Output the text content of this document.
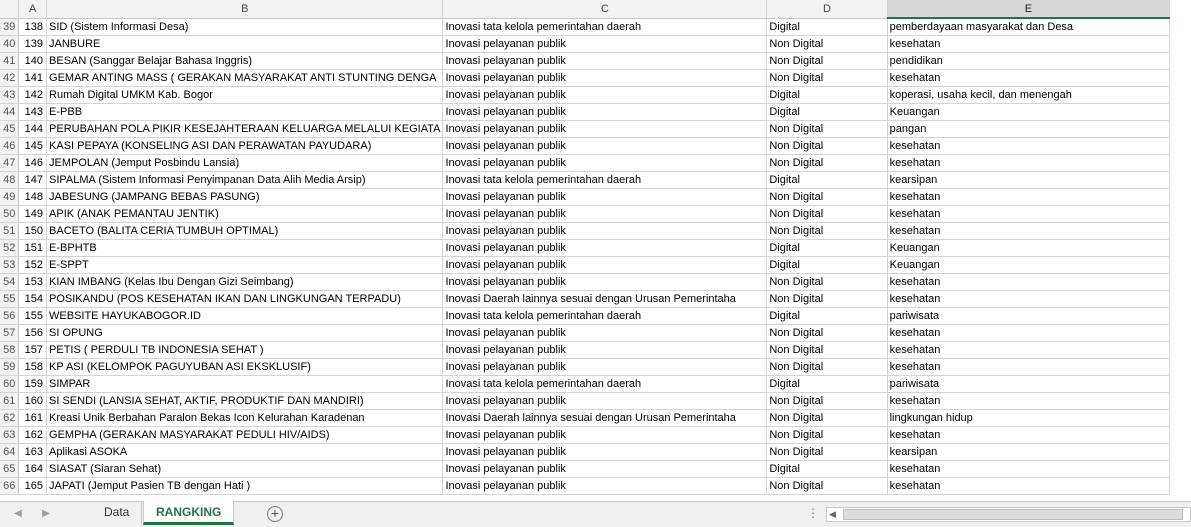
	A	B	C	D	E	
39	138	SID (Sistem Informasi Desa)	Inovasi tata kelola pemerintahan daerah	Digital	pemberdayaan masyarakat dan Desa	
40	139	JANBURE	Inovasi pelayanan publik	Non Digital	kesehatan	
41	140	BESAN (Sanggar Belajar Bahasa Inggris)	Inovasi pelayanan publik	Non Digital	pendidikan	
42	141	GEMAR ANTING MASS ( GERAKAN MASYARAKAT ANTI STUNTING DENGA	Inovasi pelayanan publik	Non Digital	kesehatan	
43	142	Rumah Digital UMKM Kab. Bogor	Inovasi pelayanan publik	Digital	koperasi, usaha kecil, dan menengah	
44	143	E-PBB	Inovasi pelayanan publik	Digital	Keuangan	
45	144	PERUBAHAN POLA PIKIR KESEJAHTERAAN KELUARGA MELALUI KEGIATA	Inovasi pelayanan publik	Non Digital	pangan	
46	145	KASI PEPAYA (KONSELING ASI DAN PERAWATAN PAYUDARA)	Inovasi pelayanan publik	Non Digital	kesehatan	
47	146	JEMPOLAN (Jemput Posbindu Lansia)	Inovasi pelayanan publik	Non Digital	kesehatan	
48	147	SIPALMA (Sistem Informasi Penyimpanan Data Alih Media Arsip)	Inovasi tata kelola pemerintahan daerah	Digital	kearsipan	
49	148	JABESUNG (JAMPANG BEBAS PASUNG)	Inovasi pelayanan publik	Non Digital	kesehatan	
50	149	APIK (ANAK PEMANTAU JENTIK)	Inovasi pelayanan publik	Non Digital	kesehatan	
51	150	BACETO (BALITA CERIA TUMBUH OPTIMAL)	Inovasi pelayanan publik	Non Digital	kesehatan	
52	151	E-BPHTB	Inovasi pelayanan publik	Digital	Keuangan	
53	152	E-SPPT	Inovasi pelayanan publik	Digital	Keuangan	
54	153	KIAN IMBANG (Kelas Ibu Dengan Gizi Seimbang)	Inovasi pelayanan publik	Non Digital	kesehatan	
55	154	POSIKANDU (POS KESEHATAN IKAN DAN LINGKUNGAN TERPADU)	Inovasi Daerah lainnya sesuai dengan Urusan Pemerintaha	Non Digital	kesehatan	
56	155	WEBSITE HAYUKABOGOR.ID	Inovasi tata kelola pemerintahan daerah	Digital	pariwisata	
57	156	SI OPUNG	Inovasi pelayanan publik	Non Digital	kesehatan	
58	157	PETIS ( PERDULI TB INDONESIA SEHAT )	Inovasi pelayanan publik	Non Digital	kesehatan	
59	158	KP ASI (KELOMPOK PAGUYUBAN ASI EKSKLUSIF)	Inovasi pelayanan publik	Non Digital	kesehatan	
60	159	SIMPAR	Inovasi tata kelola pemerintahan daerah	Digital	pariwisata	
61	160	SI SENDI (LANSIA SEHAT, AKTIF, PRODUKTIF DAN MANDIRI)	Inovasi pelayanan publik	Non Digital	kesehatan	
62	161	Kreasi Unik Berbahan Paralon Bekas Icon Kelurahan Karadenan	Inovasi Daerah lainnya sesuai dengan Urusan Pemerintaha	Non Digital	lingkungan hidup	
63	162	GEMPHA (GERAKAN MASYARAKAT PEDULI HIV/AIDS)	Inovasi pelayanan publik	Non Digital	kesehatan	
64	163	Aplikasi ASOKA	Inovasi pelayanan publik	Non Digital	kearsipan	
65	164	SIASAT (Siaran Sehat)	Inovasi pelayanan publik	Digital	kesehatan	
66	165	JAPATI (Jemput Pasien TB dengan Hati )	Inovasi pelayanan publik	Non Digital	kesehatan	
◀ ▶	Data	RANGKING	+	⋮ ◀
